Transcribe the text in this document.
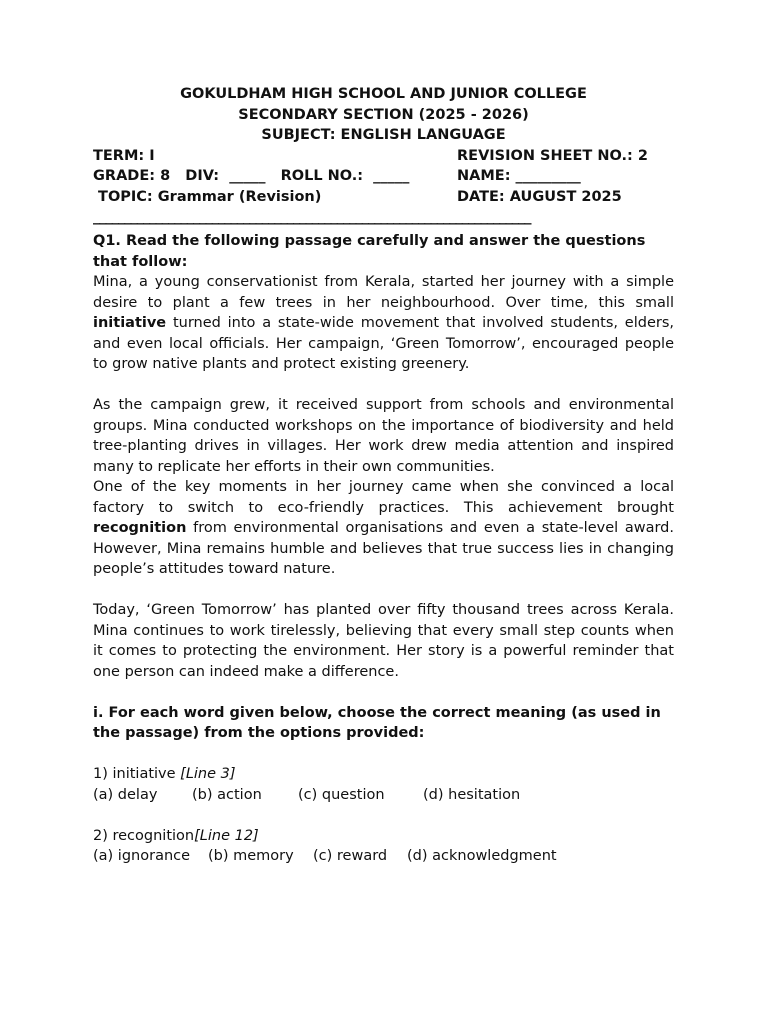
GOKULDHAM HIGH SCHOOL AND JUNIOR COLLEGE
SECONDARY SECTION (2025 - 2026)
SUBJECT: ENGLISH LANGUAGE
TERM: I	REVISION SHEET NO.: 2
GRADE: 8   DIV:  _____   ROLL NO.:  _____	NAME: _________
TOPIC: Grammar (Revision)	DATE: AUGUST 2025
______________________________________________________________________
Q1. Read the following passage carefully and answer the questions that follow:

Mina, a young conservationist from Kerala, started her journey with a simple desire to plant a few trees in her neighbourhood. Over time, this small initiative turned into a state-wide movement that involved students, elders, and even local officials. Her campaign, ‘Green Tomorrow’, encouraged people to grow native plants and protect existing greenery.

As the campaign grew, it received support from schools and environmental groups. Mina conducted workshops on the importance of biodiversity and held tree-planting drives in villages. Her work drew media attention and inspired many to replicate her efforts in their own communities.

One of the key moments in her journey came when she convinced a local factory to switch to eco-friendly practices. This achievement brought recognition from environmental organisations and even a state-level award. However, Mina remains humble and believes that true success lies in changing people’s attitudes toward nature.

Today, ‘Green Tomorrow’ has planted over fifty thousand trees across Kerala. Mina continues to work tirelessly, believing that every small step counts when it comes to protecting the environment. Her story is a powerful reminder that one person can indeed make a difference.

i. For each word given below, choose the correct meaning (as used in the passage) from the options provided:
1) initiative [Line 3]
(a) delay (b) action (c) question	(d) hesitation
2) recognition[Line 12]
(a) ignorance (b) memory (c) reward (d) acknowledgment
